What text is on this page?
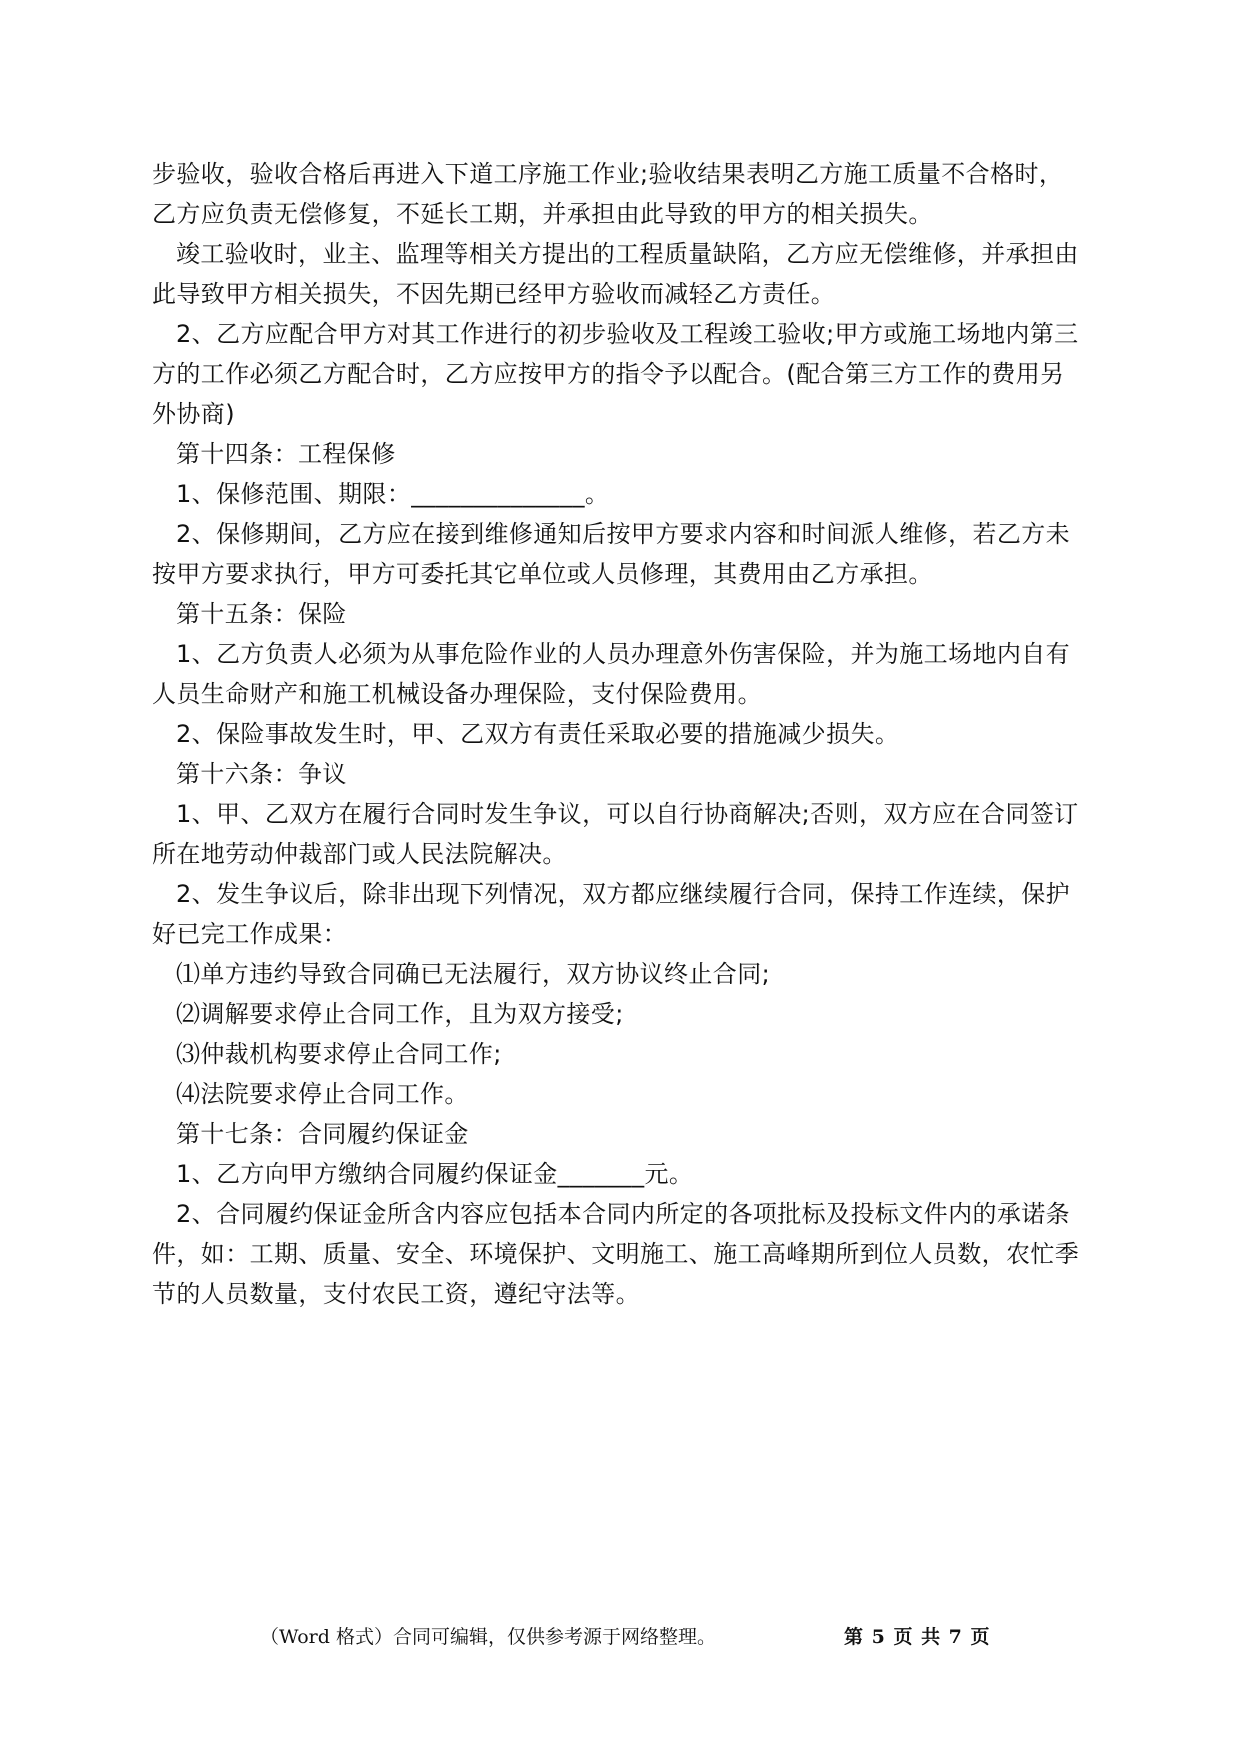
步验收，验收合格后再进入下道工序施工作业;验收结果表明乙方施工质量不合格时，
乙方应负责无偿修复，不延长工期，并承担由此导致的甲方的相关损失。
竣工验收时，业主、监理等相关方提出的工程质量缺陷，乙方应无偿维修，并承担由
此导致甲方相关损失，不因先期已经甲方验收而减轻乙方责任。
2、乙方应配合甲方对其工作进行的初步验收及工程竣工验收;甲方或施工场地内第三
方的工作必须乙方配合时，乙方应按甲方的指令予以配合。(配合第三方工作的费用另
外协商)
第十四条：工程保修
1、保修范围、期限：______________。
2、保修期间，乙方应在接到维修通知后按甲方要求内容和时间派人维修，若乙方未
按甲方要求执行，甲方可委托其它单位或人员修理，其费用由乙方承担。
第十五条：保险
1、乙方负责人必须为从事危险作业的人员办理意外伤害保险，并为施工场地内自有
人员生命财产和施工机械设备办理保险，支付保险费用。
2、保险事故发生时，甲、乙双方有责任采取必要的措施减少损失。
第十六条：争议
1、甲、乙双方在履行合同时发生争议，可以自行协商解决;否则，双方应在合同签订
所在地劳动仲裁部门或人民法院解决。
2、发生争议后，除非出现下列情况，双方都应继续履行合同，保持工作连续，保护
好已完工作成果：
⑴单方违约导致合同确已无法履行，双方协议终止合同;
⑵调解要求停止合同工作，且为双方接受;
⑶仲裁机构要求停止合同工作;
⑷法院要求停止合同工作。
第十七条：合同履约保证金
1、乙方向甲方缴纳合同履约保证金_______元。
2、合同履约保证金所含内容应包括本合同内所定的各项批标及投标文件内的承诺条
件，如：工期、质量、安全、环境保护、文明施工、施工高峰期所到位人员数，农忙季
节的人员数量，支付农民工资，遵纪守法等。
（Word 格式）合同可编辑，仅供参考源于网络整理。	第 5 页 共 7 页
